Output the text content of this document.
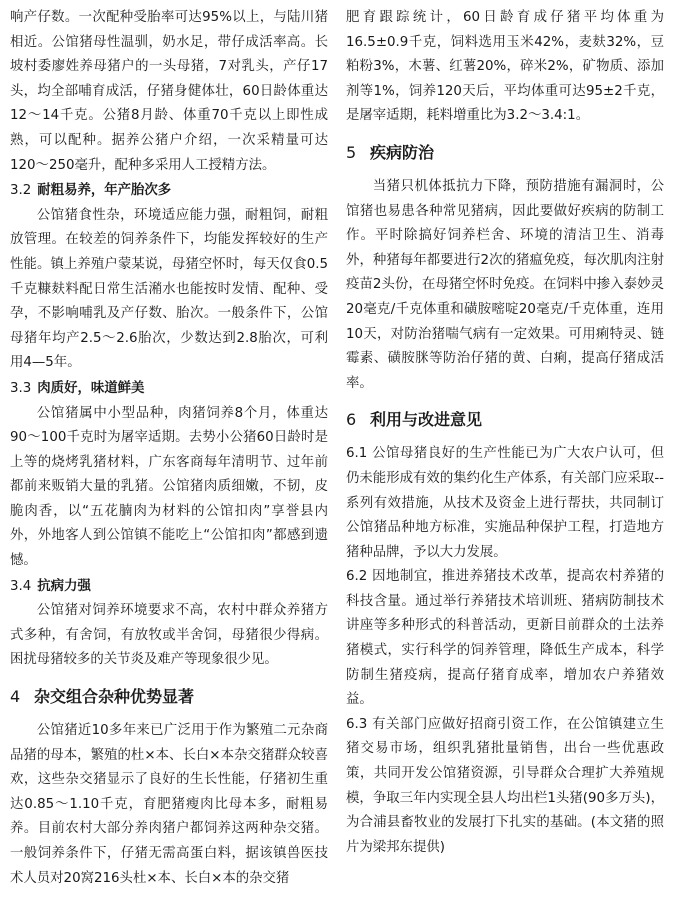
响产仔数。一次配种受胎率可达95%以上，与陆川猪相近。公馆猪母性温驯，奶水足，带仔成活率高。长坡村委廖姓养母猪户的一头母猪，7对乳头，产仔17头，均全部哺育成活，仔猪身健体壮，60日龄体重达12～14千克。公猪8月龄、体重70千克以上即性成熟，可以配种。据养公猪户介绍，一次采精量可达120～250毫升，配种多采用人工授精方法。

3.2 耐粗易养，年产胎次多

公馆猪食性杂，环境适应能力强，耐粗饲，耐粗放管理。在较差的饲养条件下，均能发挥较好的生产性能。镇上养殖户蒙某说，母猪空怀时，每天仅食0.5千克糠麸料配日常生活潲水也能按时发情、配种、受孕，不影响哺乳及产仔数、胎次。一般条件下，公馆母猪年均产2.5～2.6胎次，少数达到2.8胎次，可利用4—5年。

3.3 肉质好，味道鲜美

公馆猪属中小型品种，肉猪饲养8个月，体重达90～100千克时为屠宰适期。去势小公猪60日龄时是上等的烧烤乳猪材料，广东客商每年清明节、过年前都前来贩销大量的乳猪。公馆猪肉质细嫩，不韧，皮脆肉香，以“五花腩肉为材料的公馆扣肉”享誉县内外，外地客人到公馆镇不能吃上“公馆扣肉”都感到遗憾。

3.4 抗病力强

公馆猪对饲养环境要求不高，农村中群众养猪方式多种，有舍饲，有放牧或半舍饲，母猪很少得病。困扰母猪较多的关节炎及难产等现象很少见。

4 杂交组合杂种优势显著

公馆猪近10多年来已广泛用于作为繁殖二元杂商品猪的母本，繁殖的杜×本、长白×本杂交猪群众较喜欢，这些杂交猪显示了良好的生长性能，仔猪初生重达0.85～1.10千克，育肥猪瘦肉比母本多，耐粗易养。目前农村大部分养肉猪户都饲养这两种杂交猪。一般饲养条件下，仔猪无需高蛋白料，据该镇兽医技术人员对20窝216头杜×本、长白×本的杂交猪

肥育跟踪统计，60日龄育成仔猪平均体重为16.5±0.9千克，饲料选用玉米42%，麦麸32%，豆粕粉3%，木薯、红薯20%，碎米2%，矿物质、添加剂等1%，饲养120天后，平均体重可达95±2千克，是屠宰适期，耗料增重比为3.2～3.4:1。

5 疾病防治

当猪只机体抵抗力下降，预防措施有漏洞时，公馆猪也易患各种常见猪病，因此要做好疾病的防制工作。平时除搞好饲养栏舍、环境的清洁卫生、消毒外，种猪每年都要进行2次的猪瘟免疫，每次肌肉注射疫苗2头份，在母猪空怀时免疫。在饲料中掺入泰妙灵20毫克/千克体重和磺胺嘧啶20毫克/千克体重，连用10天，对防治猪喘气病有一定效果。可用痢特灵、链霉素、磺胺脒等防治仔猪的黄、白痢，提高仔猪成活率。

6 利用与改进意见

6.1 公馆母猪良好的生产性能已为广大农户认可，但仍未能形成有效的集约化生产体系，有关部门应采取--系列有效措施，从技术及资金上进行帮扶，共同制订公馆猪品种地方标准，实施品种保护工程，打造地方猪种品牌，予以大力发展。

6.2 因地制宜，推进养猪技术改革，提高农村养猪的科技含量。通过举行养猪技术培训班、猪病防制技术讲座等多种形式的科普活动，更新目前群众的土法养猪模式，实行科学的饲养管理，降低生产成本，科学防制生猪疫病，提高仔猪育成率，增加农户养猪效益。

6.3 有关部门应做好招商引资工作，在公馆镇建立生猪交易市场，组织乳猪批量销售，出台一些优惠政策，共同开发公馆猪资源，引导群众合理扩大养殖规模，争取三年内实现全县人均出栏1头猪(90多万头)，为合浦县畜牧业的发展打下扎实的基础。(本文猪的照片为梁邦东提供)
